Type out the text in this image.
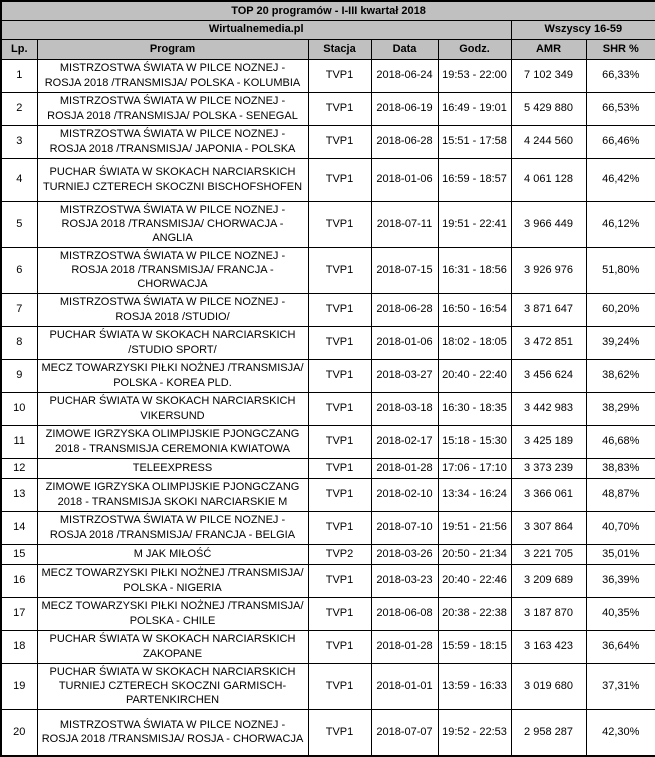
TOP 20 programów - I-III kwartał 2018						
Wirtualnemedia.pl					Wszyscy 16-59	
Lp.	Program	Stacja	Data	Godz.	AMR	SHR %
1	MISTRZOSTWA ŚWIATA W PILCE NOZNEJ - ROSJA 2018 /TRANSMISJA/ POLSKA - KOLUMBIA	TVP1	2018-06-24	19:53 - 22:00	7 102 349	66,33%
2	MISTRZOSTWA ŚWIATA W PILCE NOZNEJ - ROSJA 2018 /TRANSMISJA/ POLSKA - SENEGAL	TVP1	2018-06-19	16:49 - 19:01	5 429 880	66,53%
3	MISTRZOSTWA ŚWIATA W PILCE NOZNEJ - ROSJA 2018 /TRANSMISJA/ JAPONIA - POLSKA	TVP1	2018-06-28	15:51 - 17:58	4 244 560	66,46%
4	PUCHAR ŚWIATA W SKOKACH NARCIARSKICH TURNIEJ CZTERECH SKOCZNI BISCHOFSHOFEN	TVP1	2018-01-06	16:59 - 18:57	4 061 128	46,42%
5	MISTRZOSTWA ŚWIATA W PILCE NOZNEJ - ROSJA 2018 /TRANSMISJA/ CHORWACJA - ANGLIA	TVP1	2018-07-11	19:51 - 22:41	3 966 449	46,12%
6	MISTRZOSTWA ŚWIATA W PILCE NOZNEJ - ROSJA 2018 /TRANSMISJA/ FRANCJA - CHORWACJA	TVP1	2018-07-15	16:31 - 18:56	3 926 976	51,80%
7	MISTRZOSTWA ŚWIATA W PILCE NOZNEJ - ROSJA 2018 /STUDIO/	TVP1	2018-06-28	16:50 - 16:54	3 871 647	60,20%
8	PUCHAR ŚWIATA W SKOKACH NARCIARSKICH /STUDIO SPORT/	TVP1	2018-01-06	18:02 - 18:05	3 472 851	39,24%
9	MECZ TOWARZYSKI PIŁKI NOŻNEJ /TRANSMISJA/ POLSKA - KOREA PLD.	TVP1	2018-03-27	20:40 - 22:40	3 456 624	38,62%
10	PUCHAR ŚWIATA W SKOKACH NARCIARSKICH VIKERSUND	TVP1	2018-03-18	16:30 - 18:35	3 442 983	38,29%
11	ZIMOWE IGRZYSKA OLIMPIJSKIE PJONGCZANG 2018 - TRANSMISJA CEREMONIA KWIATOWA	TVP1	2018-02-17	15:18 - 15:30	3 425 189	46,68%
12	TELEEXPRESS	TVP1	2018-01-28	17:06 - 17:10	3 373 239	38,83%
13	ZIMOWE IGRZYSKA OLIMPIJSKIE PJONGCZANG 2018 - TRANSMISJA SKOKI NARCIARSKIE M	TVP1	2018-02-10	13:34 - 16:24	3 366 061	48,87%
14	MISTRZOSTWA ŚWIATA W PILCE NOZNEJ - ROSJA 2018 /TRANSMISJA/ FRANCJA - BELGIA	TVP1	2018-07-10	19:51 - 21:56	3 307 864	40,70%
15	M JAK MIŁOŚĆ	TVP2	2018-03-26	20:50 - 21:34	3 221 705	35,01%
16	MECZ TOWARZYSKI PIŁKI NOŻNEJ /TRANSMISJA/ POLSKA - NIGERIA	TVP1	2018-03-23	20:40 - 22:46	3 209 689	36,39%
17	MECZ TOWARZYSKI PIŁKI NOŻNEJ /TRANSMISJA/ POLSKA - CHILE	TVP1	2018-06-08	20:38 - 22:38	3 187 870	40,35%
18	PUCHAR ŚWIATA W SKOKACH NARCIARSKICH ZAKOPANE	TVP1	2018-01-28	15:59 - 18:15	3 163 423	36,64%
19	PUCHAR ŚWIATA W SKOKACH NARCIARSKICH TURNIEJ CZTERECH SKOCZNI GARMISCH-PARTENKIRCHEN	TVP1	2018-01-01	13:59 - 16:33	3 019 680	37,31%
20	MISTRZOSTWA ŚWIATA W PILCE NOZNEJ - ROSJA 2018 /TRANSMISJA/ ROSJA - CHORWACJA	TVP1	2018-07-07	19:52 - 22:53	2 958 287	42,30%
